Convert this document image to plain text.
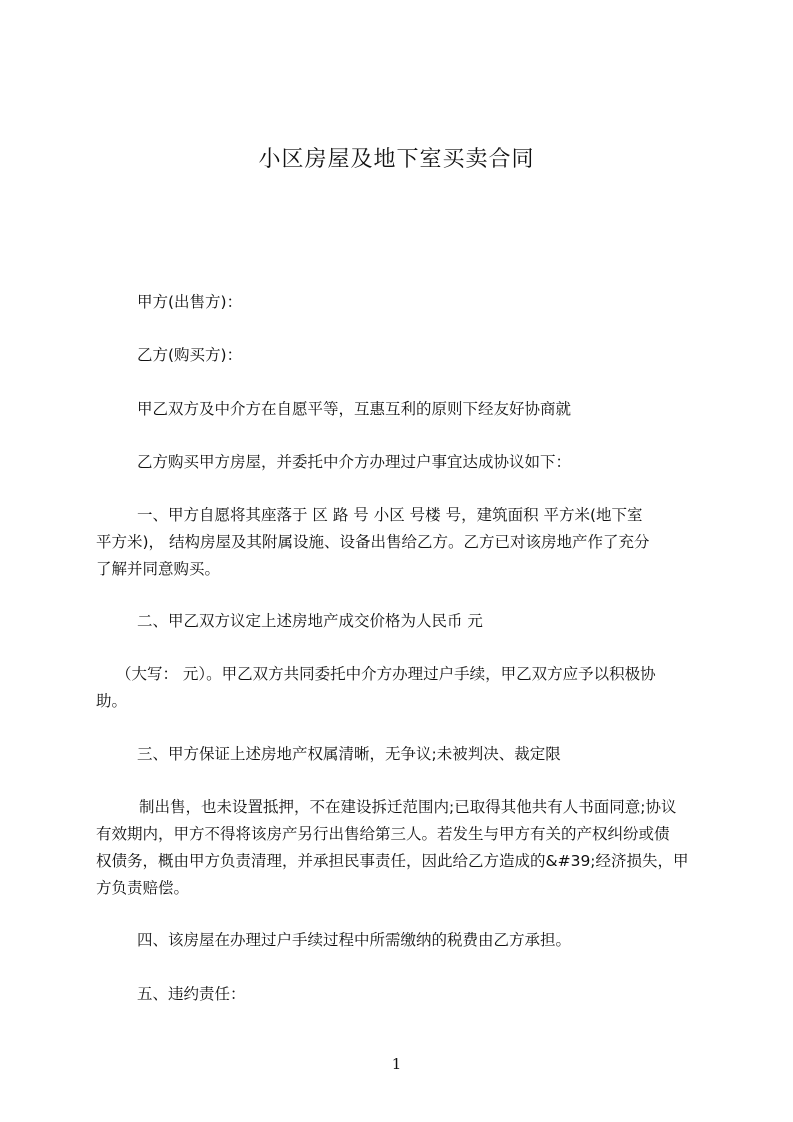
小区房屋及地下室买卖合同
甲方(出售方)：
乙方(购买方)：
甲乙双方及中介方在自愿平等，互惠互利的原则下经友好协商就
乙方购买甲方房屋，并委托中介方办理过户事宜达成协议如下：
一、甲方自愿将其座落于 区 路 号 小区 号楼 号，建筑面积 平方米(地下室
平方米)， 结构房屋及其附属设施、设备出售给乙方。乙方已对该房地产作了充分
了解并同意购买。
二、甲乙双方议定上述房地产成交价格为人民币 元
（大写： 元）。甲乙双方共同委托中介方办理过户手续，甲乙双方应予以积极协
助。
三、甲方保证上述房地产权属清晰，无争议;未被判决、裁定限
制出售，也未设置抵押，不在建设拆迁范围内;已取得其他共有人书面同意;协议
有效期内，甲方不得将该房产另行出售给第三人。若发生与甲方有关的产权纠纷或债
权债务，概由甲方负责清理，并承担民事责任，因此给乙方造成的&#39;经济损失，甲
方负责赔偿。
四、该房屋在办理过户手续过程中所需缴纳的税费由乙方承担。
五、违约责任：
1
